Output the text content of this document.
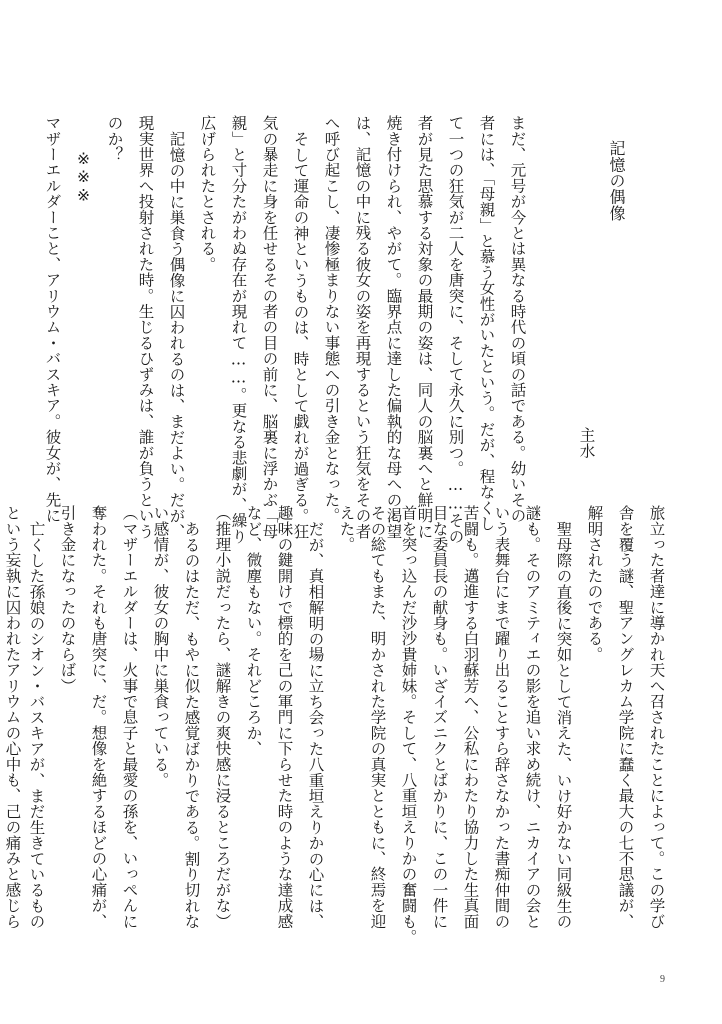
記憶の偶像
主水
まだ、元号が今とは異なる時代の頃の話である。幼いその
者には、「母親」と慕う女性がいたという。だが、程なくし
て一つの狂気が二人を唐突に、そして永久に別つ。……その
者が見た思慕する対象の最期の姿は、同人の脳裏へと鮮明に
焼き付けられ、やがて。臨界点に達した偏執的な母への渇望
は、記憶の中に残る彼女の姿を再現するという狂気をその者
へ呼び起こし、凄惨極まりない事態への引き金となった。
そして運命の神というものは、時として戯れが過ぎる。狂
気の暴走に身を任せるその者の目の前に、脳裏に浮かぶ「母
親」と寸分たがわぬ存在が現れて……。更なる悲劇が、繰り
広げられたとされる。
記憶の中に巣食う偶像に囚われるのは、まだよい。だが、
現実世界へ投射された時。生じるひずみは、誰が負うという
のか？
※※※
マザーエルダーこと、アリウム・バスキア。彼女が、先に
旅立った者達に導かれ天へ召されたことによって。この学び
舎を覆う謎、聖アングレカム学院に蠢く最大の七不思議が、
解明されたのである。
聖母際の直後に突如として消えた、いけ好かない同級生の
謎も。そのアミティエの影を追い求め続け、ニカイアの会と
いう表舞台にまで躍り出ることすら辞さなかった書痴仲間の
苦闘も。邁進する白羽蘇芳へ、公私にわたり協力した生真面
目な委員長の献身も。いざイズニクとばかりに、この一件に
首を突っ込んだ沙沙貴姉妹。そして、八重垣えりかの奮闘も。
その総てもまた、明かされた学院の真実とともに、終焉を迎
えた。
だが、真相解明の場に立ち会った八重垣えりかの心には、
趣味の鍵開けで標的を己の軍門に下らせた時のような達成感
など、微塵もない。それどころか、
（推理小説だったら、謎解きの爽快感に浸るところだがな）
あるのはただ、もやに似た感覚ばかりである。割り切れな
い感情が、彼女の胸中に巣食っている。
（マザーエルダーは、火事で息子と最愛の孫を、いっぺんに
奪われた。それも唐突に、だ。想像を絶するほどの心痛が、
引き金になったのならば）
亡くした孫娘のシオン・バスキアが、まだ生きているもの
という妄執に囚われたアリウムの心中も、己の痛みと感じら
9
